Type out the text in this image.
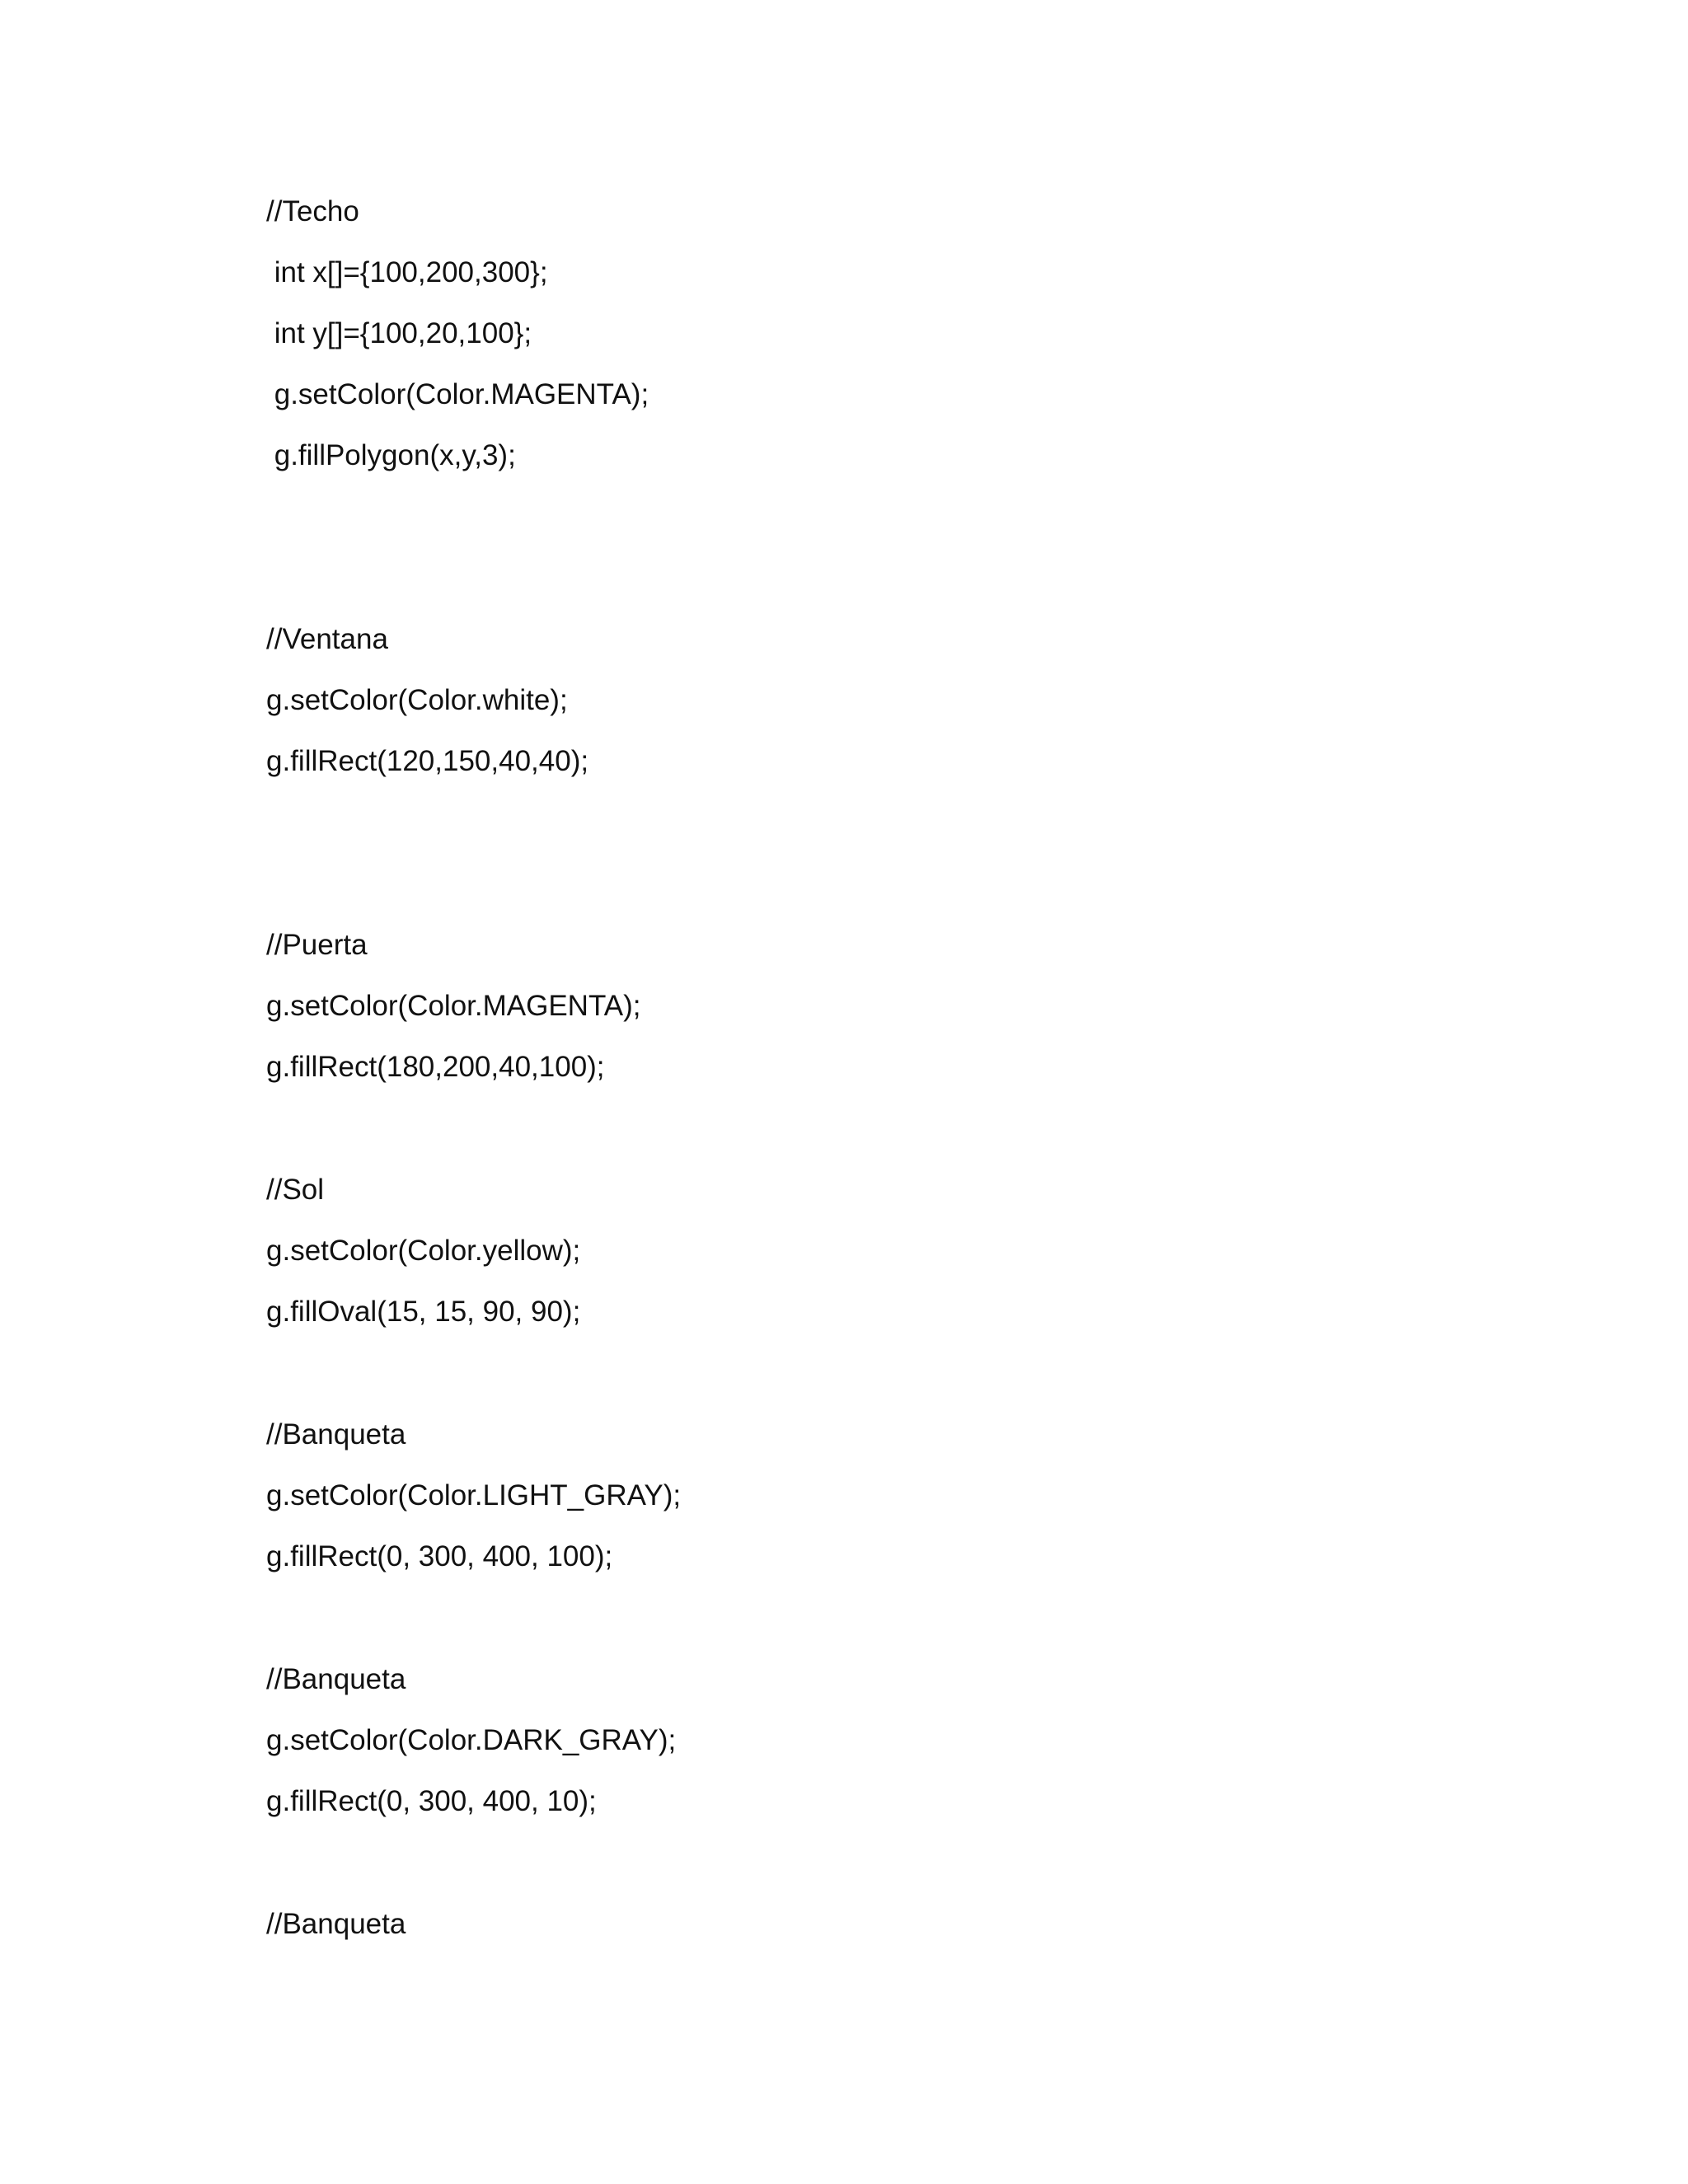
//Techo
int x[]={100,200,300};
int y[]={100,20,100};
g.setColor(Color.MAGENTA);
g.fillPolygon(x,y,3);
//Ventana
g.setColor(Color.white);
g.fillRect(120,150,40,40);
//Puerta
g.setColor(Color.MAGENTA);
g.fillRect(180,200,40,100);
//Sol
g.setColor(Color.yellow);
g.fillOval(15, 15, 90, 90);
//Banqueta
g.setColor(Color.LIGHT_GRAY);
g.fillRect(0, 300, 400, 100);
//Banqueta
g.setColor(Color.DARK_GRAY);
g.fillRect(0, 300, 400, 10);
//Banqueta
